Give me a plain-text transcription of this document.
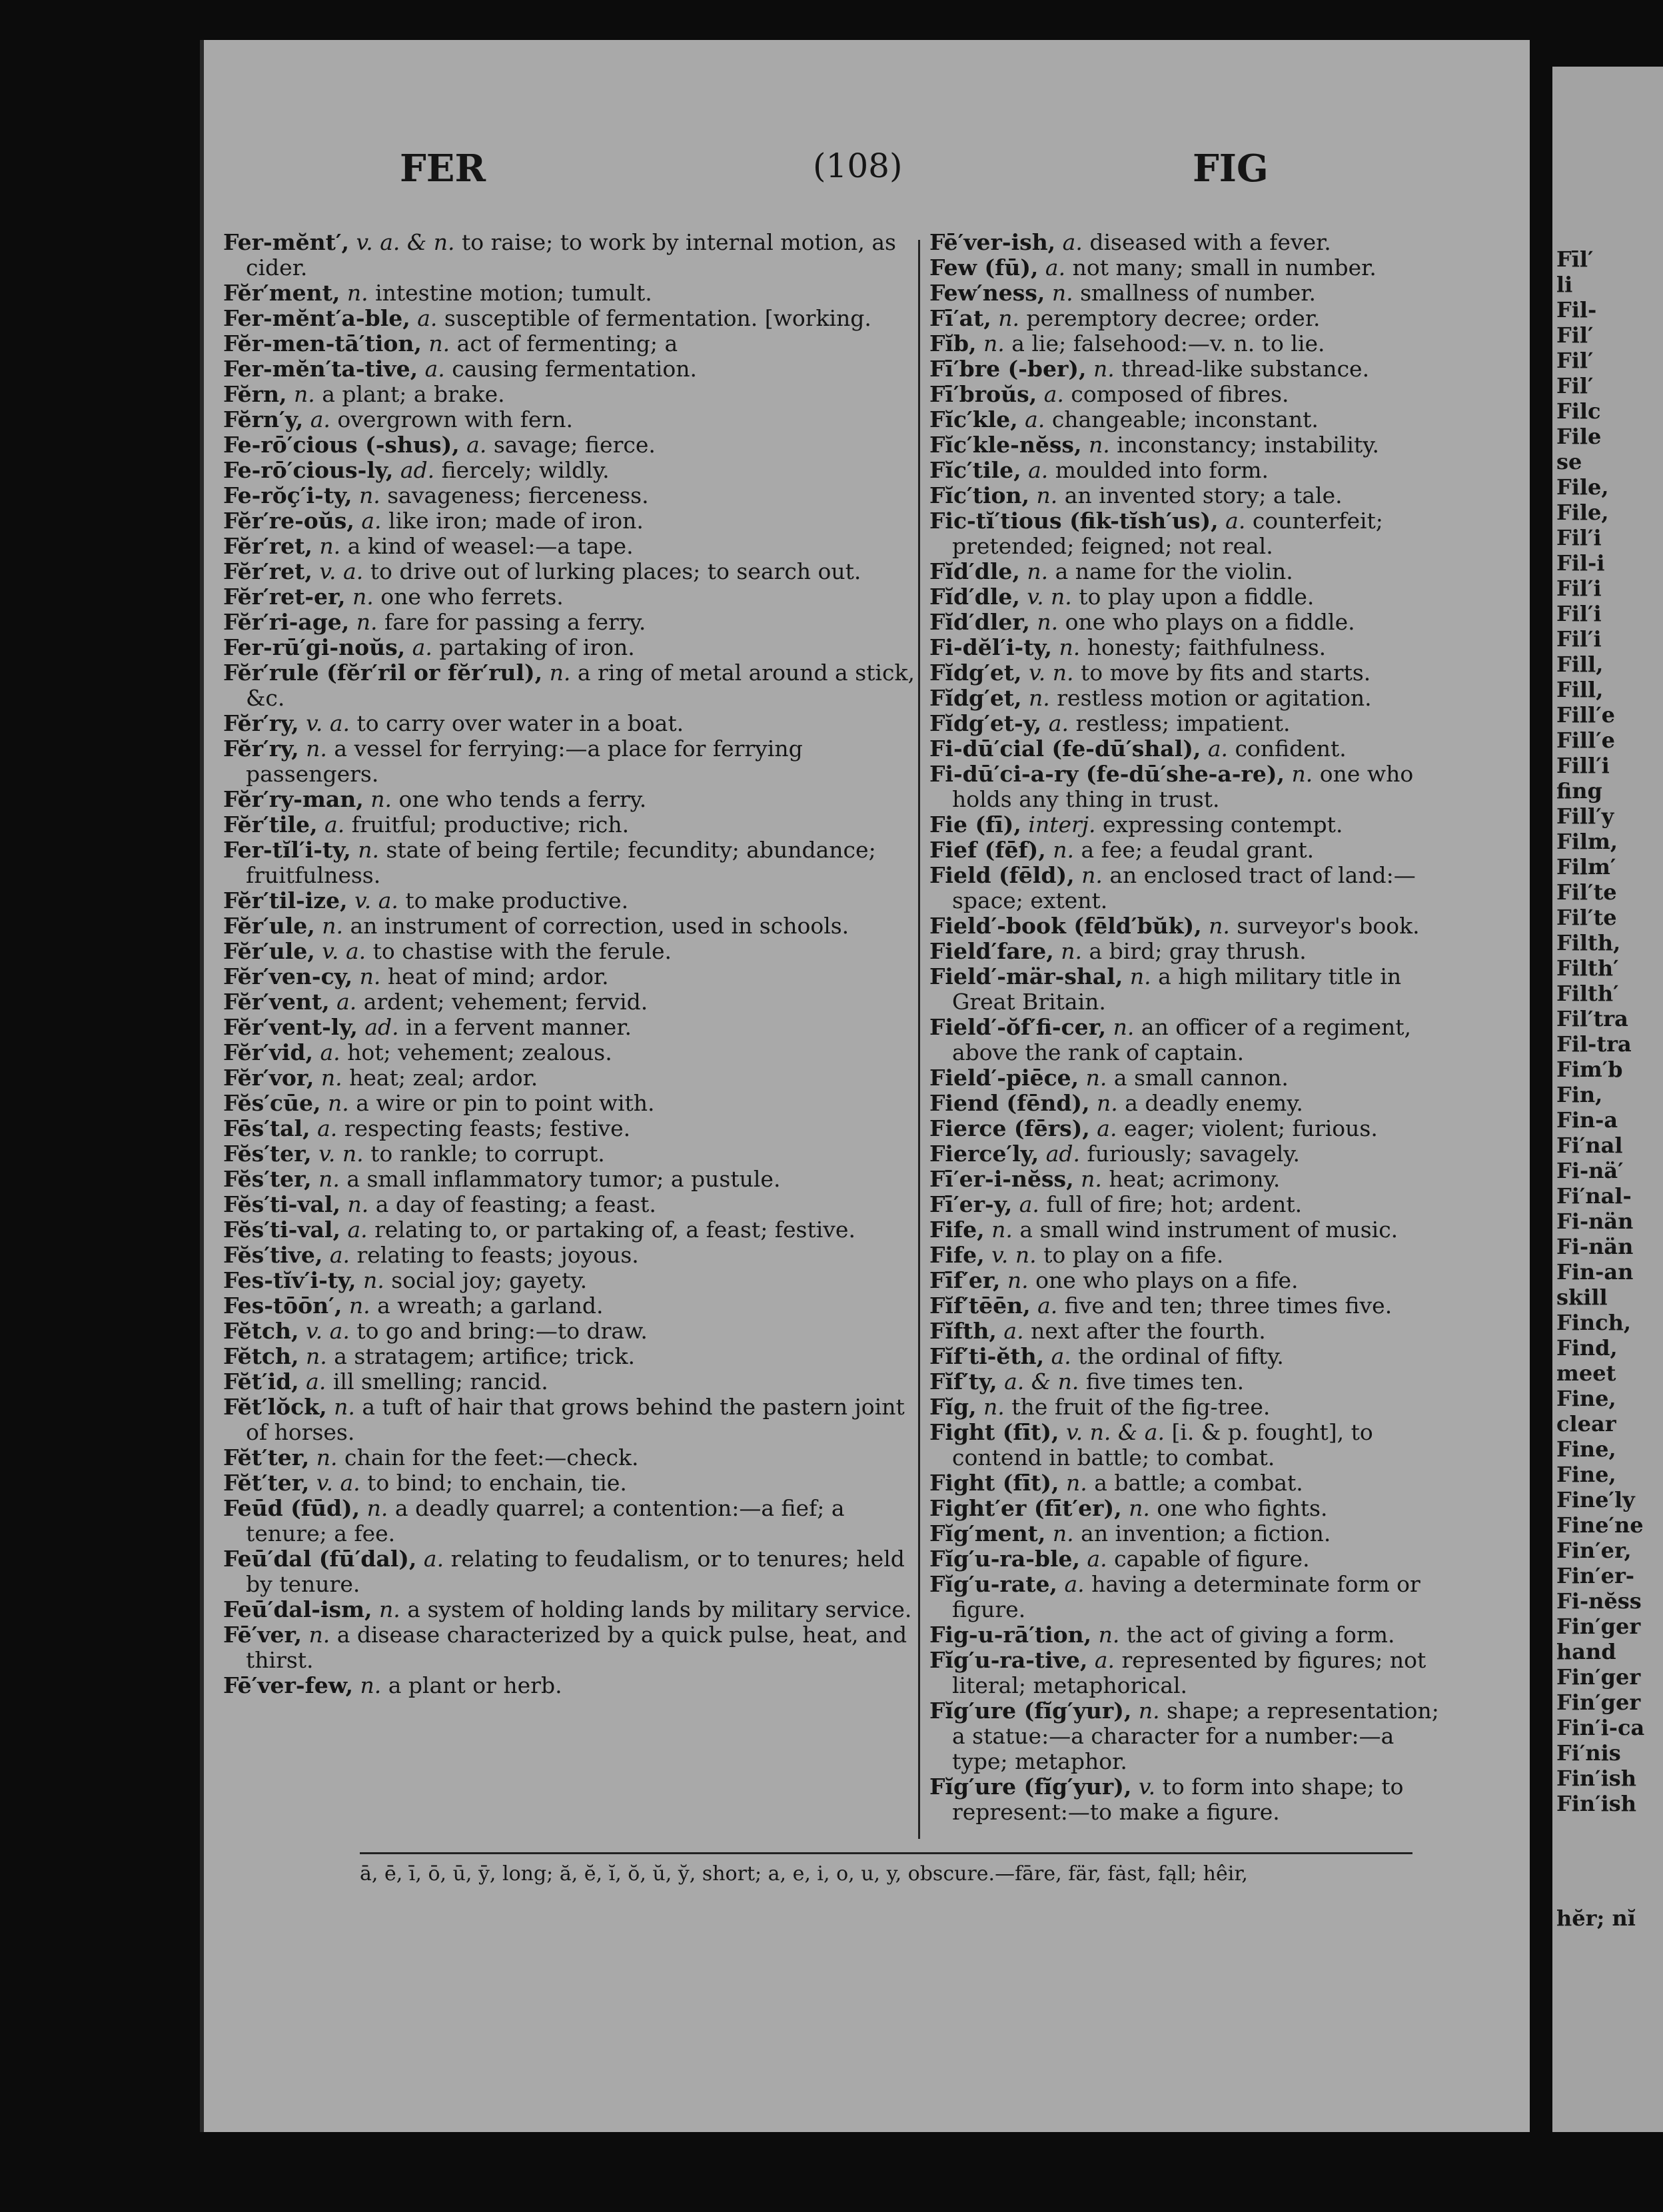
FER	(108)	FIG
Fer-mĕnt′, v. a. & n. to raise; to work by internal motion, as cider.
Fĕr′ment, n. intestine motion; tumult.
Fer-mĕnt′a-ble, a. susceptible of fermentation. [working.
Fĕr-men-tā′tion, n. act of fermenting; a
Fer-mĕn′ta-tive, a. causing fermentation.
Fĕrn, n. a plant; a brake.
Fĕrn′y, a. overgrown with fern.
Fe-rō′cious (-shus), a. savage; fierce.
Fe-rō′cious-ly, ad. fiercely; wildly.
Fe-rŏç′i-ty, n. savageness; fierceness.
Fĕr′re-oŭs, a. like iron; made of iron.
Fĕr′ret, n. a kind of weasel:—a tape.
Fĕr′ret, v. a. to drive out of lurking places; to search out.
Fĕr′ret-er, n. one who ferrets.
Fĕr′ri-age, n. fare for passing a ferry.
Fer-rū′gi-noŭs, a. partaking of iron.
Fĕr′rule (fĕr′ril or fĕr′rul), n. a ring of metal around a stick, &c.
Fĕr′ry, v. a. to carry over water in a boat.
Fĕr′ry, n. a vessel for ferrying:—a place for ferrying passengers.
Fĕr′ry-man, n. one who tends a ferry.
Fĕr′tile, a. fruitful; productive; rich.
Fer-tĭl′i-ty, n. state of being fertile; fecundity; abundance; fruitfulness.
Fĕr′til-ize, v. a. to make productive.
Fĕr′ule, n. an instrument of correction, used in schools.
Fĕr′ule, v. a. to chastise with the ferule.
Fĕr′ven-cy, n. heat of mind; ardor.
Fĕr′vent, a. ardent; vehement; fervid.
Fĕr′vent-ly, ad. in a fervent manner.
Fĕr′vid, a. hot; vehement; zealous.
Fĕr′vor, n. heat; zeal; ardor.
Fĕs′cūe, n. a wire or pin to point with.
Fēs′tal, a. respecting feasts; festive.
Fĕs′ter, v. n. to rankle; to corrupt.
Fĕs′ter, n. a small inflammatory tumor; a pustule.
Fĕs′ti-val, n. a day of feasting; a feast.
Fĕs′ti-val, a. relating to, or partaking of, a feast; festive.
Fĕs′tive, a. relating to feasts; joyous.
Fes-tĭv′i-ty, n. social joy; gayety.
Fes-tōōn′, n. a wreath; a garland.
Fĕtch, v. a. to go and bring:—to draw.
Fĕtch, n. a stratagem; artifice; trick.
Fĕt′id, a. ill smelling; rancid.
Fĕt′lŏck, n. a tuft of hair that grows behind the pastern joint of horses.
Fĕt′ter, n. chain for the feet:—check.
Fĕt′ter, v. a. to bind; to enchain, tie.
Feūd (fūd), n. a deadly quarrel; a contention:—a fief; a tenure; a fee.
Feū′dal (fū′dal), a. relating to feudalism, or to tenures; held by tenure.
Feū′dal-ism, n. a system of holding lands by military service.
Fē′ver, n. a disease characterized by a quick pulse, heat, and thirst.
Fē′ver-few, n. a plant or herb.
Fē′ver-ish, a. diseased with a fever.
Few (fū), a. not many; small in number.
Few′ness, n. smallness of number.
Fī′at, n. peremptory decree; order.
Fĭb, n. a lie; falsehood:—v. n. to lie.
Fī′bre (-ber), n. thread-like substance.
Fī′broŭs, a. composed of fibres.
Fĭc′kle, a. changeable; inconstant.
Fĭc′kle-nĕss, n. inconstancy; instability.
Fĭc′tile, a. moulded into form.
Fĭc′tion, n. an invented story; a tale.
Fic-tĭ′tious (fik-tĭsh′us), a. counterfeit; pretended; feigned; not real.
Fĭd′dle, n. a name for the violin.
Fĭd′dle, v. n. to play upon a fiddle.
Fĭd′dler, n. one who plays on a fiddle.
Fi-dĕl′i-ty, n. honesty; faithfulness.
Fĭdg′et, v. n. to move by fits and starts.
Fĭdg′et, n. restless motion or agitation.
Fĭdg′et-y, a. restless; impatient.
Fi-dū′cial (fe-dū′shal), a. confident.
Fi-dū′ci-a-ry (fe-dū′she-a-re), n. one who holds any thing in trust.
Fie (fī), interj. expressing contempt.
Fief (fēf), n. a fee; a feudal grant.
Field (fēld), n. an enclosed tract of land:—space; extent.
Field′-book (fēld′bŭk), n. surveyor's book.
Field′fare, n. a bird; gray thrush.
Field′-mär-shal, n. a high military title in Great Britain.
Field′-ŏf′fi-cer, n. an officer of a regiment, above the rank of captain.
Field′-piēce, n. a small cannon.
Fiend (fēnd), n. a deadly enemy.
Fierce (fērs), a. eager; violent; furious.
Fierce′ly, ad. furiously; savagely.
Fī′er-i-nĕss, n. heat; acrimony.
Fī′er-y, a. full of fire; hot; ardent.
Fife, n. a small wind instrument of music.
Fife, v. n. to play on a fife.
Fīf′er, n. one who plays on a fife.
Fĭf′tēēn, a. five and ten; three times five.
Fĭfth, a. next after the fourth.
Fĭf′ti-ĕth, a. the ordinal of fifty.
Fĭf′ty, a. & n. five times ten.
Fĭg, n. the fruit of the fig-tree.
Fight (fīt), v. n. & a. [i. & p. fought], to contend in battle; to combat.
Fight (fīt), n. a battle; a combat.
Fight′er (fīt′er), n. one who fights.
Fĭg′ment, n. an invention; a fiction.
Fĭg′u-ra-ble, a. capable of figure.
Fĭg′u-rate, a. having a determinate form or figure.
Fig-u-rā′tion, n. the act of giving a form.
Fĭg′u-ra-tive, a. represented by figures; not literal; metaphorical.
Fĭg′ure (fĭg′yur), n. shape; a representation; a statue:—a character for a number:—a type; metaphor.
Fĭg′ure (fĭg′yur), v. to form into shape; to represent:—to make a figure.
ā, ē, ī, ō, ū, ȳ, long; ă, ĕ, ĭ, ŏ, ŭ, y̆, short; a, e, i, o, u, y, obscure.—fāre, fär, fȧst, fąll; hêir,
Fīl′
li
Fil-
Fil′
Fil′
Fil′
Filc
File
se
File,
File,
Fil′i
Fil-i
Fil′i
Fil′i
Fil′i
Fill,
Fill,
Fill′e
Fill′e
Fill′i
fing
Fill′y
Film,
Film′
Fil′te
Fil′te
Filth,
Filth′
Filth′
Fil′tra
Fil-tra
Fim′b
Fin,
Fin-a
Fi′nal
Fi-nä′
Fi′nal-
Fi-nän
Fi-nän
Fin-an
skill
Finch,
Find,
meet
Fine,
clear
Fine,
Fine,
Fine′ly
Fine′ne
Fin′er,
Fin′er-
Fi-nĕss
Fin′ger
hand
Fin′ger
Fin′ger
Fin′i-ca
Fi′nis
Fin′ish
Fin′ish
hĕr; nĭ
